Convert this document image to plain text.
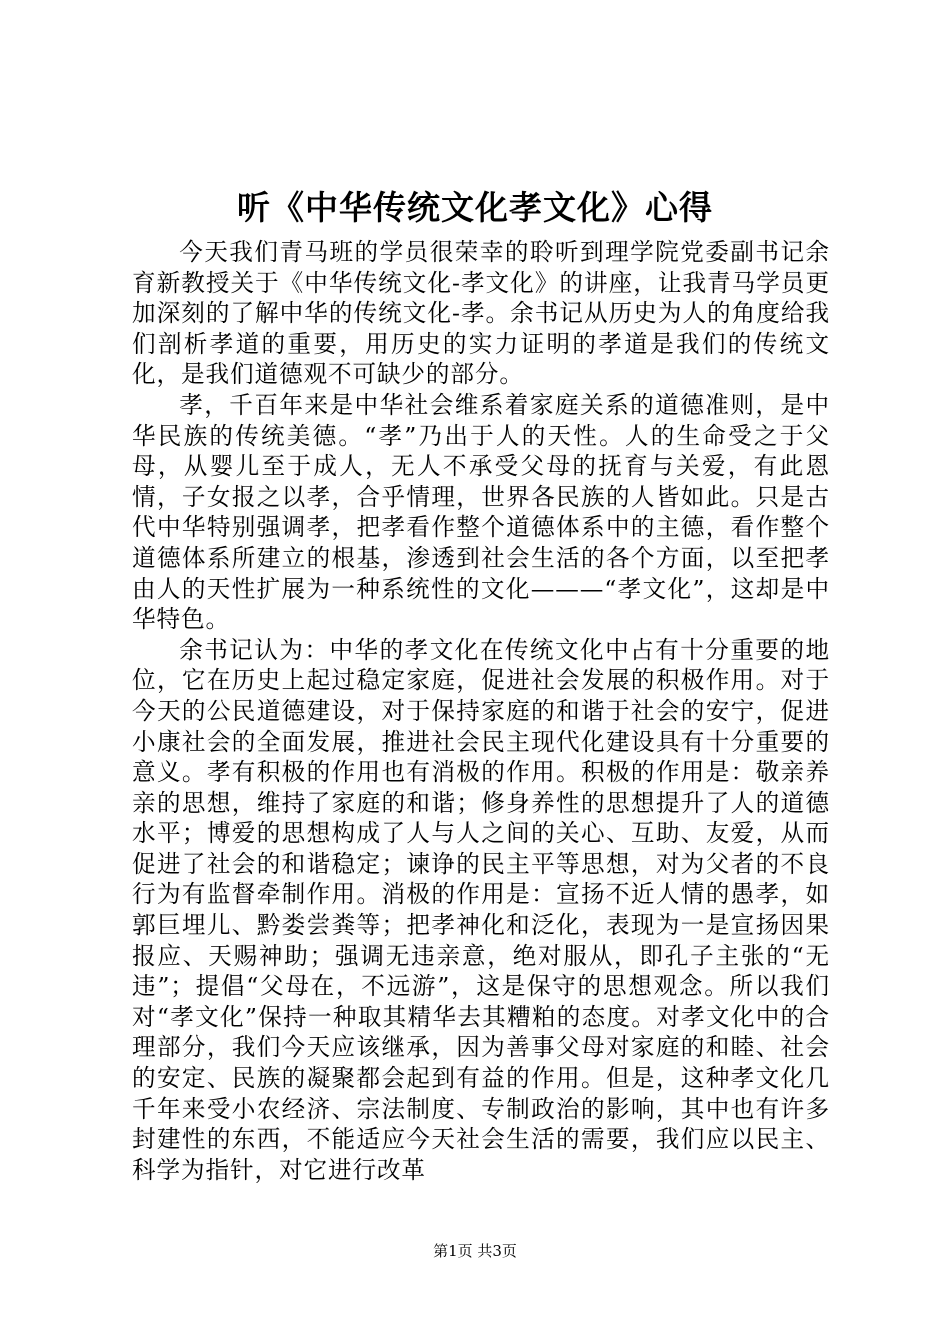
听《中华传统文化孝文化》心得

今天我们青马班的学员很荣幸的聆听到理学院党委副书记余育新教授关于《中华传统文化-孝文化》的讲座，让我青马学员更加深刻的了解中华的传统文化-孝。余书记从历史为人的角度给我们剖析孝道的重要，用历史的实力证明的孝道是我们的传统文化，是我们道德观不可缺少的部分。

孝，千百年来是中华社会维系着家庭关系的道德准则，是中华民族的传统美德。“孝”乃出于人的天性。人的生命受之于父母，从婴儿至于成人，无人不承受父母的抚育与关爱，有此恩情，子女报之以孝，合乎情理，世界各民族的人皆如此。只是古代中华特别强调孝，把孝看作整个道德体系中的主德，看作整个道德体系所建立的根基，渗透到社会生活的各个方面，以至把孝由人的天性扩展为一种系统性的文化———“孝文化”，这却是中华特色。

余书记认为：中华的孝文化在传统文化中占有十分重要的地位，它在历史上起过稳定家庭，促进社会发展的积极作用。对于今天的公民道德建设，对于保持家庭的和谐于社会的安宁，促进小康社会的全面发展，推进社会民主现代化建设具有十分重要的意义。孝有积极的作用也有消极的作用。积极的作用是：敬亲养亲的思想，维持了家庭的和谐；修身养性的思想提升了人的道德水平；博爱的思想构成了人与人之间的关心、互助、友爱，从而促进了社会的和谐稳定；谏诤的民主平等思想，对为父者的不良行为有监督牵制作用。消极的作用是：宣扬不近人情的愚孝，如郭巨埋儿、黔娄尝粪等；把孝神化和泛化，表现为一是宣扬因果报应、天赐神助；强调无违亲意，绝对服从，即孔子主张的“无违”；提倡“父母在，不远游”，这是保守的思想观念。所以我们对“孝文化”保持一种取其精华去其糟粕的态度。对孝文化中的合理部分，我们今天应该继承，因为善事父母对家庭的和睦、社会的安定、民族的凝聚都会起到有益的作用。但是，这种孝文化几千年来受小农经济、宗法制度、专制政治的影响，其中也有许多封建性的东西，不能适应今天社会生活的需要，我们应以民主、科学为指针，对它进行改革

第1页 共3页
